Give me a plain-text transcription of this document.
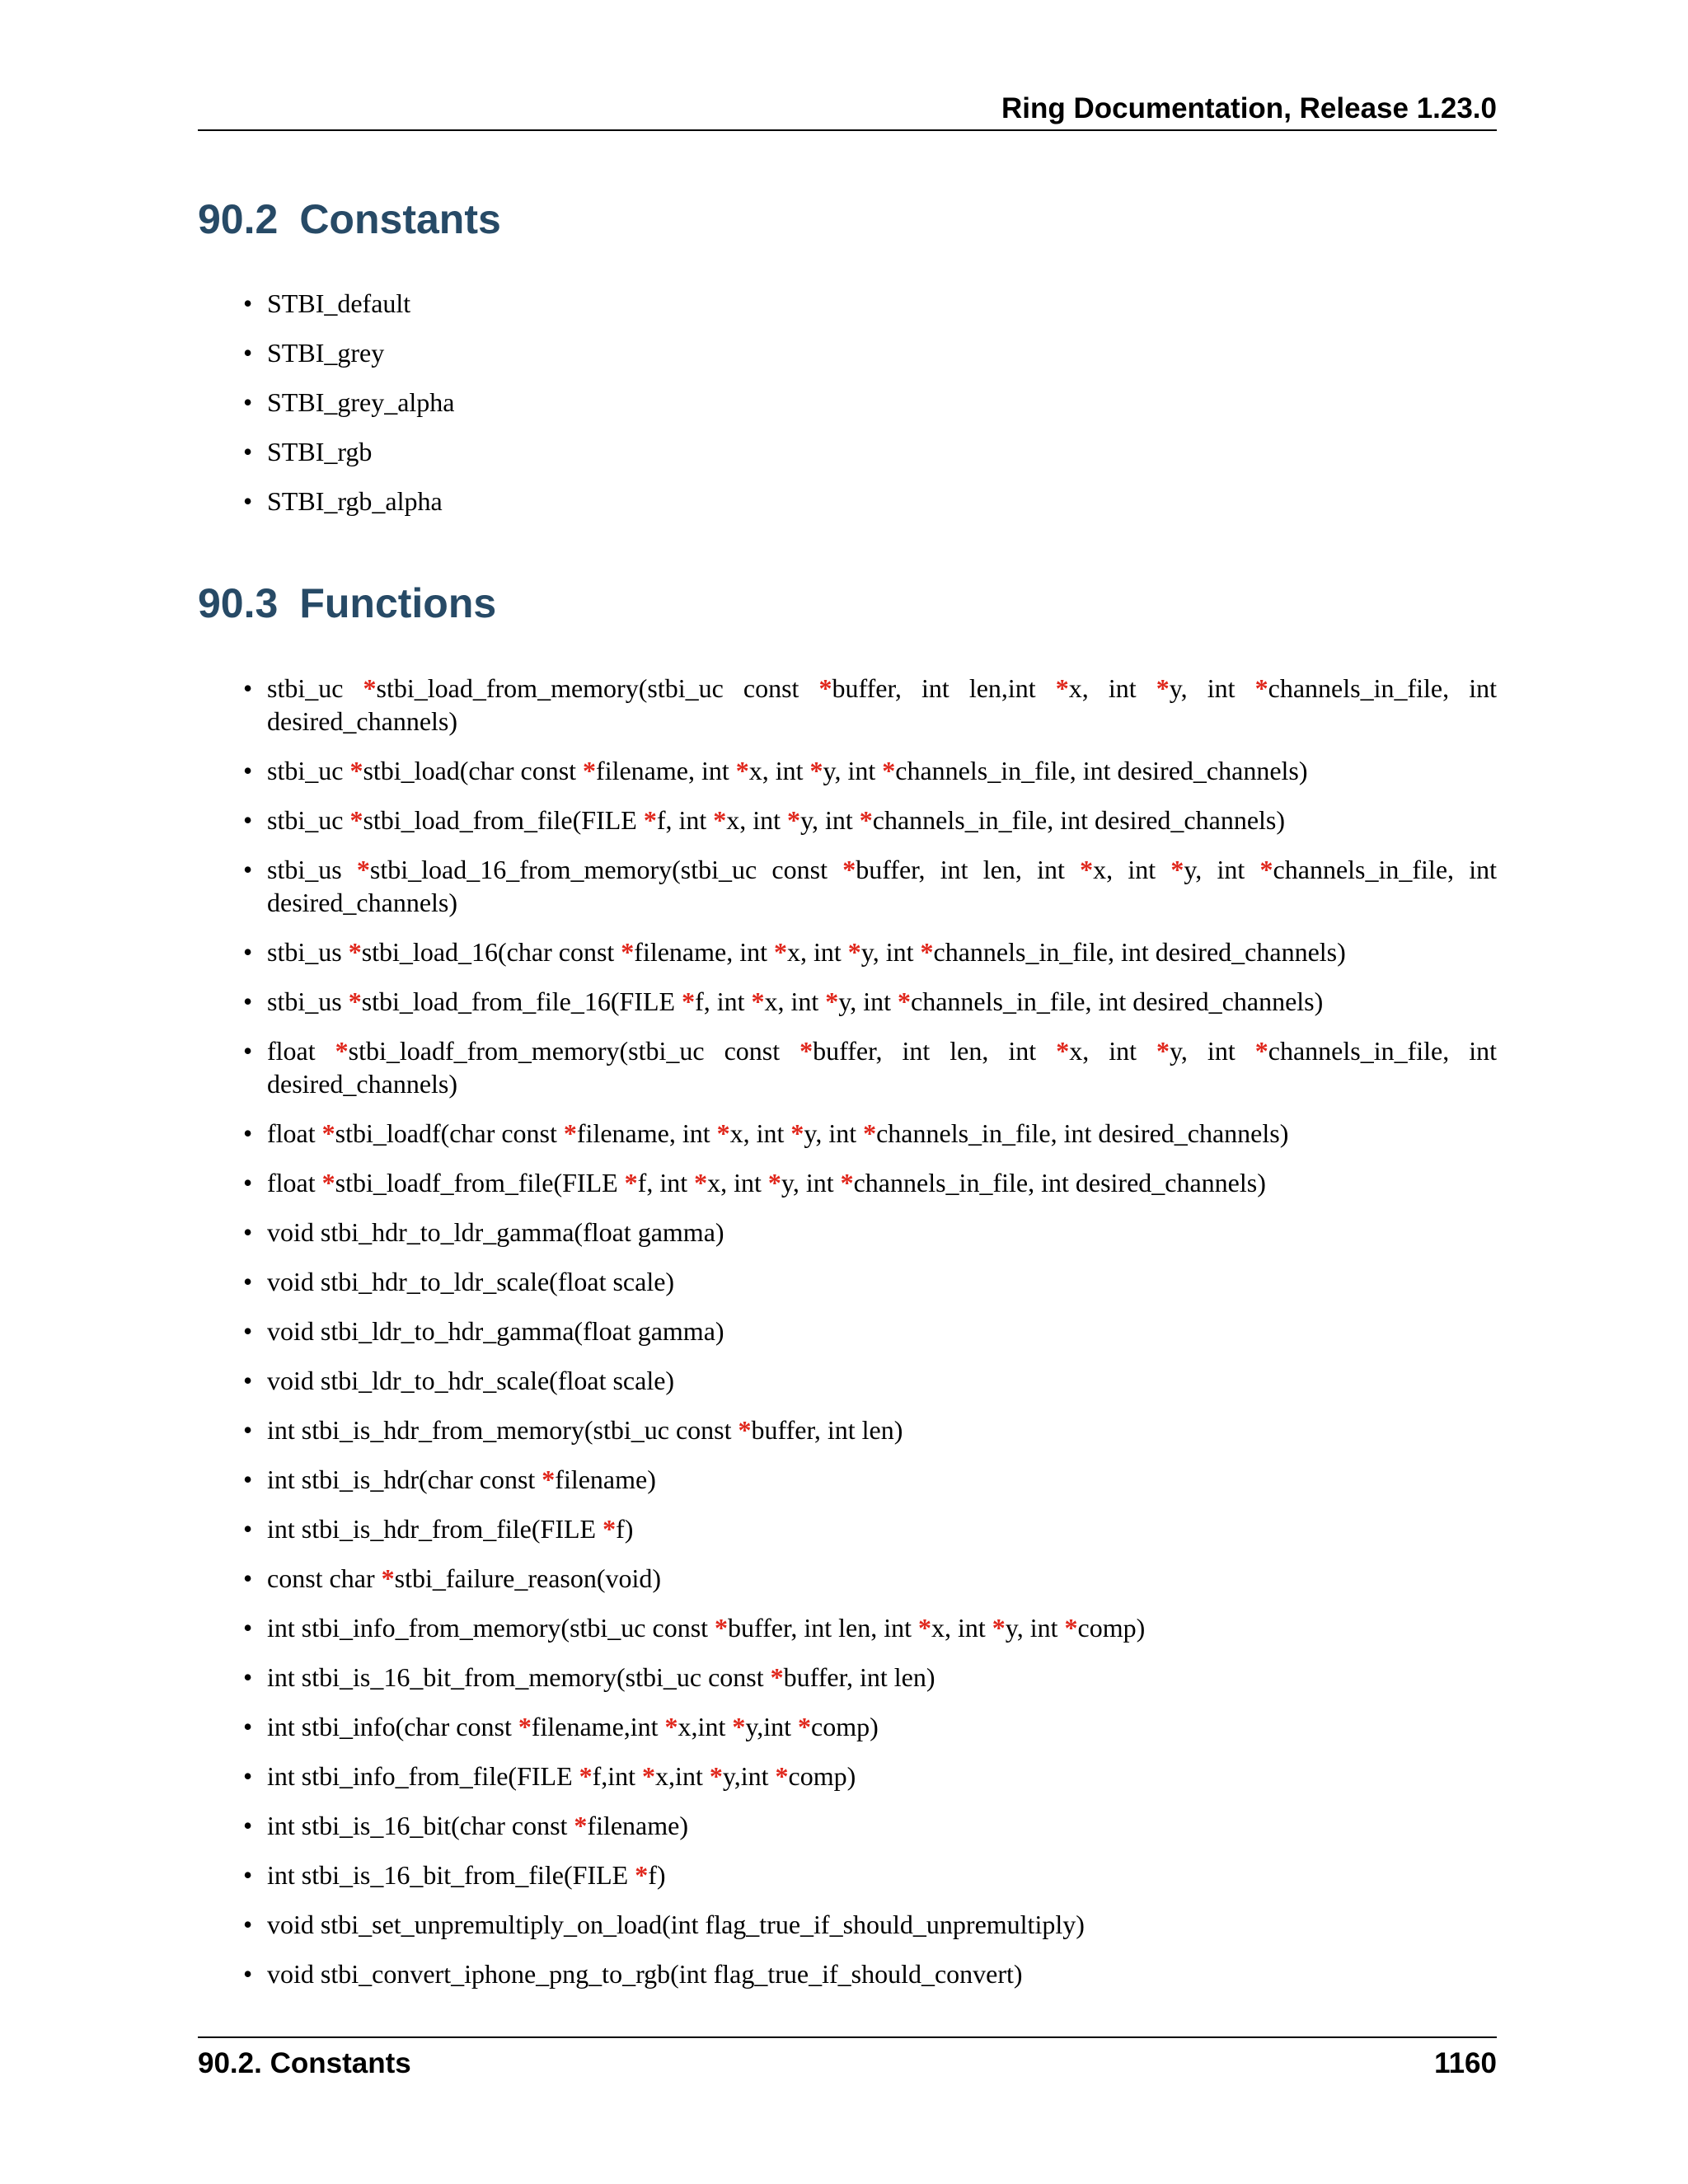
Ring Documentation, Release 1.23.0
90.2 Constants
• STBI_default
• STBI_grey
• STBI_grey_alpha
• STBI_rgb
• STBI_rgb_alpha
90.3 Functions
• stbi_uc *stbi_load_from_memory(stbi_uc const *buffer, int len,int *x, int *y, int *channels_in_file, int desired_channels)
• stbi_uc *stbi_load(char const *filename, int *x, int *y, int *channels_in_file, int desired_channels)
• stbi_uc *stbi_load_from_file(FILE *f, int *x, int *y, int *channels_in_file, int desired_channels)
• stbi_us *stbi_load_16_from_memory(stbi_uc const *buffer, int len, int *x, int *y, int *channels_in_file, int desired_channels)
• stbi_us *stbi_load_16(char const *filename, int *x, int *y, int *channels_in_file, int desired_channels)
• stbi_us *stbi_load_from_file_16(FILE *f, int *x, int *y, int *channels_in_file, int desired_channels)
• float *stbi_loadf_from_memory(stbi_uc const *buffer, int len, int *x, int *y, int *channels_in_file, int desired_channels)
• float *stbi_loadf(char const *filename, int *x, int *y, int *channels_in_file, int desired_channels)
• float *stbi_loadf_from_file(FILE *f, int *x, int *y, int *channels_in_file, int desired_channels)
• void stbi_hdr_to_ldr_gamma(float gamma)
• void stbi_hdr_to_ldr_scale(float scale)
• void stbi_ldr_to_hdr_gamma(float gamma)
• void stbi_ldr_to_hdr_scale(float scale)
• int stbi_is_hdr_from_memory(stbi_uc const *buffer, int len)
• int stbi_is_hdr(char const *filename)
• int stbi_is_hdr_from_file(FILE *f)
• const char *stbi_failure_reason(void)
• int stbi_info_from_memory(stbi_uc const *buffer, int len, int *x, int *y, int *comp)
• int stbi_is_16_bit_from_memory(stbi_uc const *buffer, int len)
• int stbi_info(char const *filename,int *x,int *y,int *comp)
• int stbi_info_from_file(FILE *f,int *x,int *y,int *comp)
• int stbi_is_16_bit(char const *filename)
• int stbi_is_16_bit_from_file(FILE *f)
• void stbi_set_unpremultiply_on_load(int flag_true_if_should_unpremultiply)
• void stbi_convert_iphone_png_to_rgb(int flag_true_if_should_convert)
90.2. Constants	1160
